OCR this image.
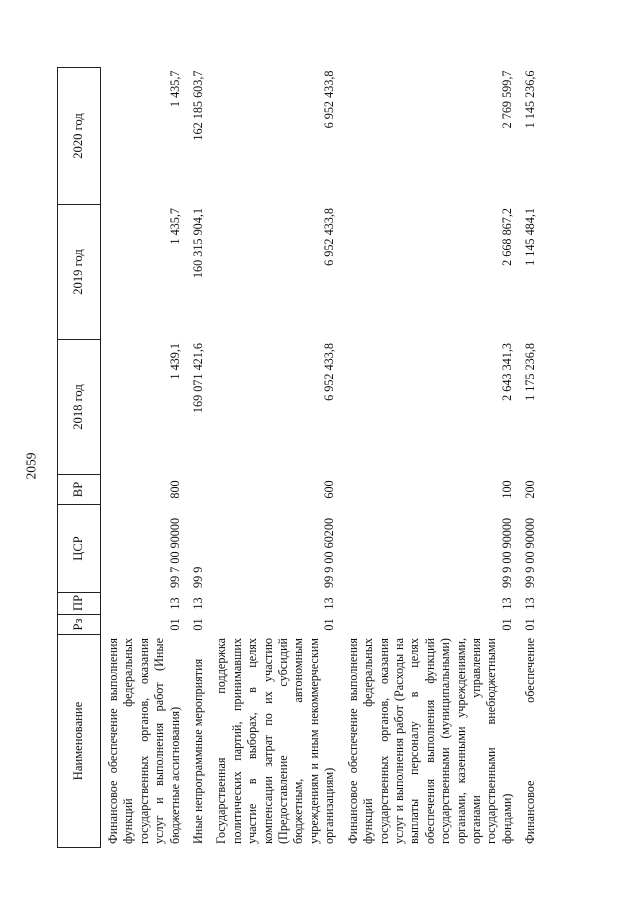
2059
Наименование	Рз	ПР	ЦСР	ВР	2018 год	2019 год	2020 год
Финансовое обеспечение выполнения функций федеральных государственных органов, оказания услуг и выполнения работ (Иные бюджетные ассигнования)	01	13	99 7 00 90000	800	1 439,1	1 435,7	1 435,7
Иные непрограммные мероприятия	01	13	99 9		169 071 421,6	160 315 904,1	162 185 603,7
Государственная поддержка политических партий, принимавших участие в выборах, в целях компенсации затрат по их участию (Предоставление субсидий бюджетным, автономным учреждениям и иным некоммерческим организациям)	01	13	99 9 00 60200	600	6 952 433,8	6 952 433,8	6 952 433,8
Финансовое обеспечение выполнения функций федеральных государственных органов, оказания услуг и выполнения работ (Расходы на выплаты персоналу в целях обеспечения выполнения функций государственными (муниципальными) органами, казенными учреждениями, органами управления государственными внебюджетными фондами)	01	13	99 9 00 90000	100	2 643 341,3	2 668 867,2	2 769 599,7
Финансовое обеспечение	01	13	99 9 00 90000	200	1 175 236,8	1 145 484,1	1 145 236,6
